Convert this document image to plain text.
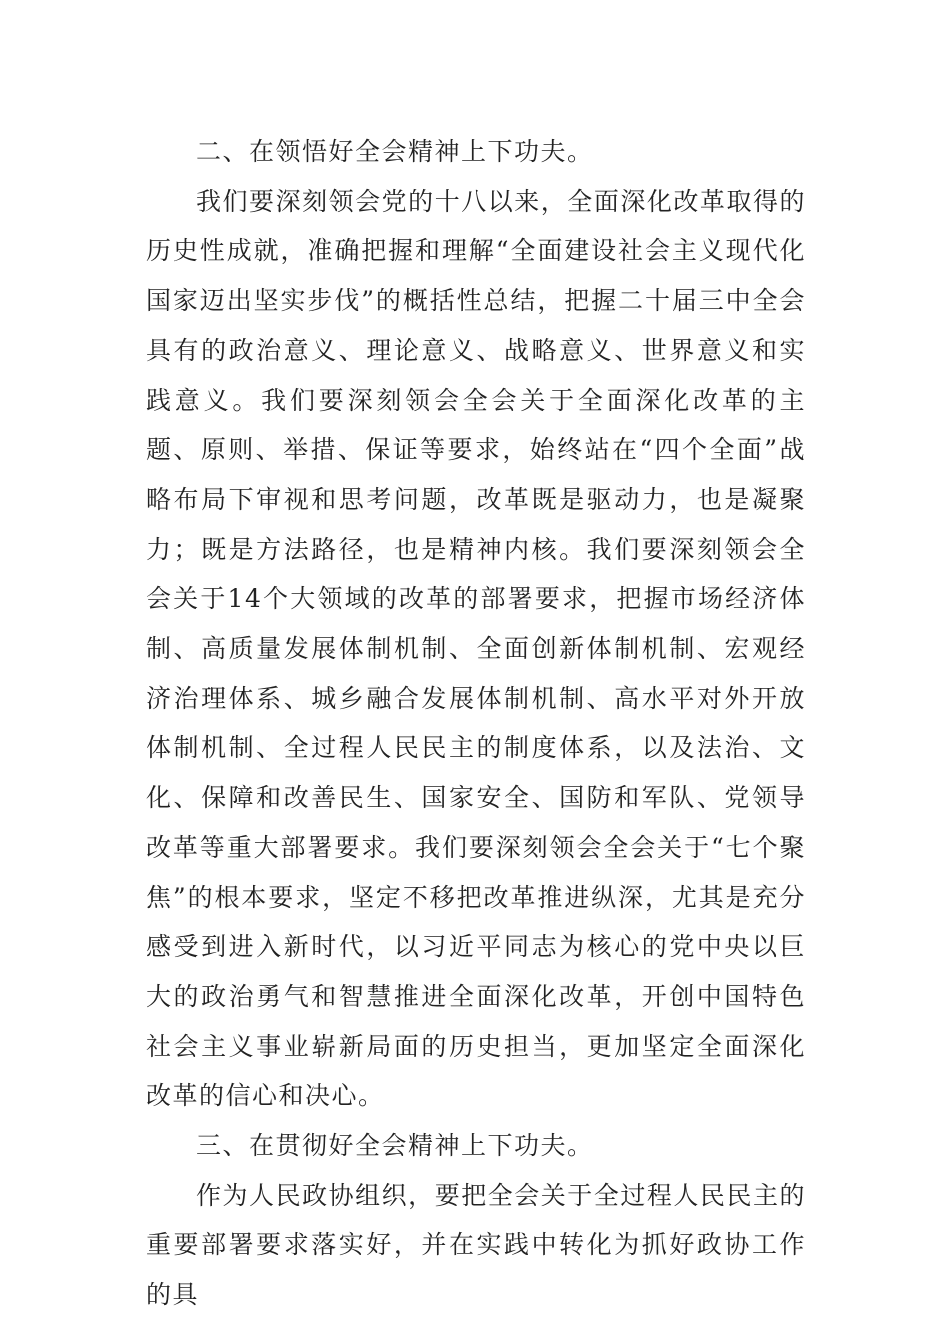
二、在领悟好全会精神上下功夫。

我们要深刻领会党的十八以来，全面深化改革取得的历史性成就，准确把握和理解“全面建设社会主义现代化国家迈出坚实步伐”的概括性总结，把握二十届三中全会具有的政治意义、理论意义、战略意义、世界意义和实践意义。我们要深刻领会全会关于全面深化改革的主题、原则、举措、保证等要求，始终站在“四个全面”战略布局下审视和思考问题，改革既是驱动力，也是凝聚力；既是方法路径，也是精神内核。我们要深刻领会全会关于14个大领域的改革的部署要求，把握市场经济体制、高质量发展体制机制、全面创新体制机制、宏观经济治理体系、城乡融合发展体制机制、高水平对外开放体制机制、全过程人民民主的制度体系，以及法治、文化、保障和改善民生、国家安全、国防和军队、党领导改革等重大部署要求。我们要深刻领会全会关于“七个聚焦”的根本要求，坚定不移把改革推进纵深，尤其是充分感受到进入新时代，以习近平同志为核心的党中央以巨大的政治勇气和智慧推进全面深化改革，开创中国特色社会主义事业崭新局面的历史担当，更加坚定全面深化改革的信心和决心。

三、在贯彻好全会精神上下功夫。

作为人民政协组织，要把全会关于全过程人民民主的重要部署要求落实好，并在实践中转化为抓好政协工作的具
